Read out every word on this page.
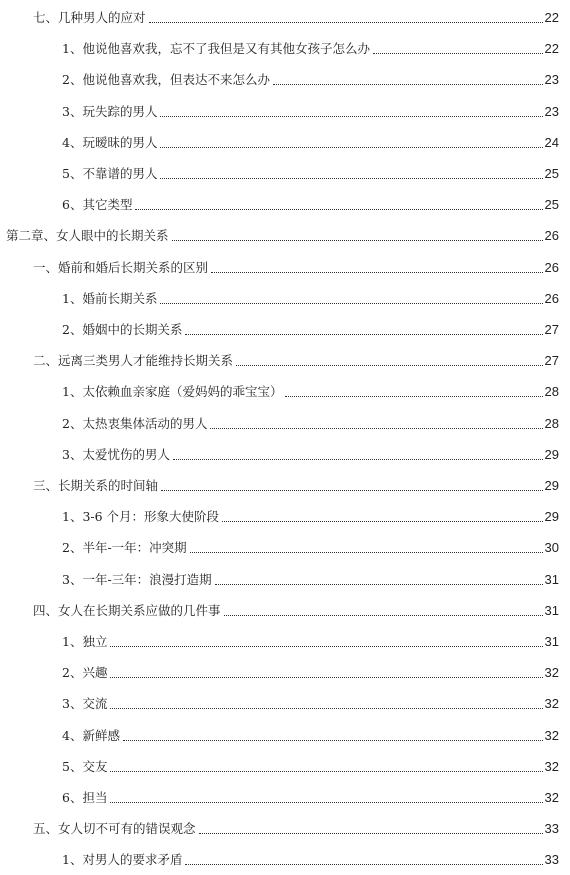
七、几种男人的应对	22
1、他说他喜欢我，忘不了我但是又有其他女孩子怎么办	22
2、他说他喜欢我，但表达不来怎么办	23
3、玩失踪的男人	23
4、玩暧昧的男人	24
5、不靠谱的男人	25
6、其它类型	25
第二章、女人眼中的长期关系	26
一、婚前和婚后长期关系的区别	26
1、婚前长期关系	26
2、婚姻中的长期关系	27
二、远离三类男人才能维持长期关系	27
1、太依赖血亲家庭（爱妈妈的乖宝宝）	28
2、太热衷集体活动的男人	28
3、太爱忧伤的男人	29
三、长期关系的时间轴	29
1、3-6 个月：形象大使阶段	29
2、半年-一年：冲突期	30
3、一年-三年：浪漫打造期	31
四、女人在长期关系应做的几件事	31
1、独立	31
2、兴趣	32
3、交流	32
4、新鲜感	32
5、交友	32
6、担当	32
五、女人切不可有的错误观念	33
1、对男人的要求矛盾	33
